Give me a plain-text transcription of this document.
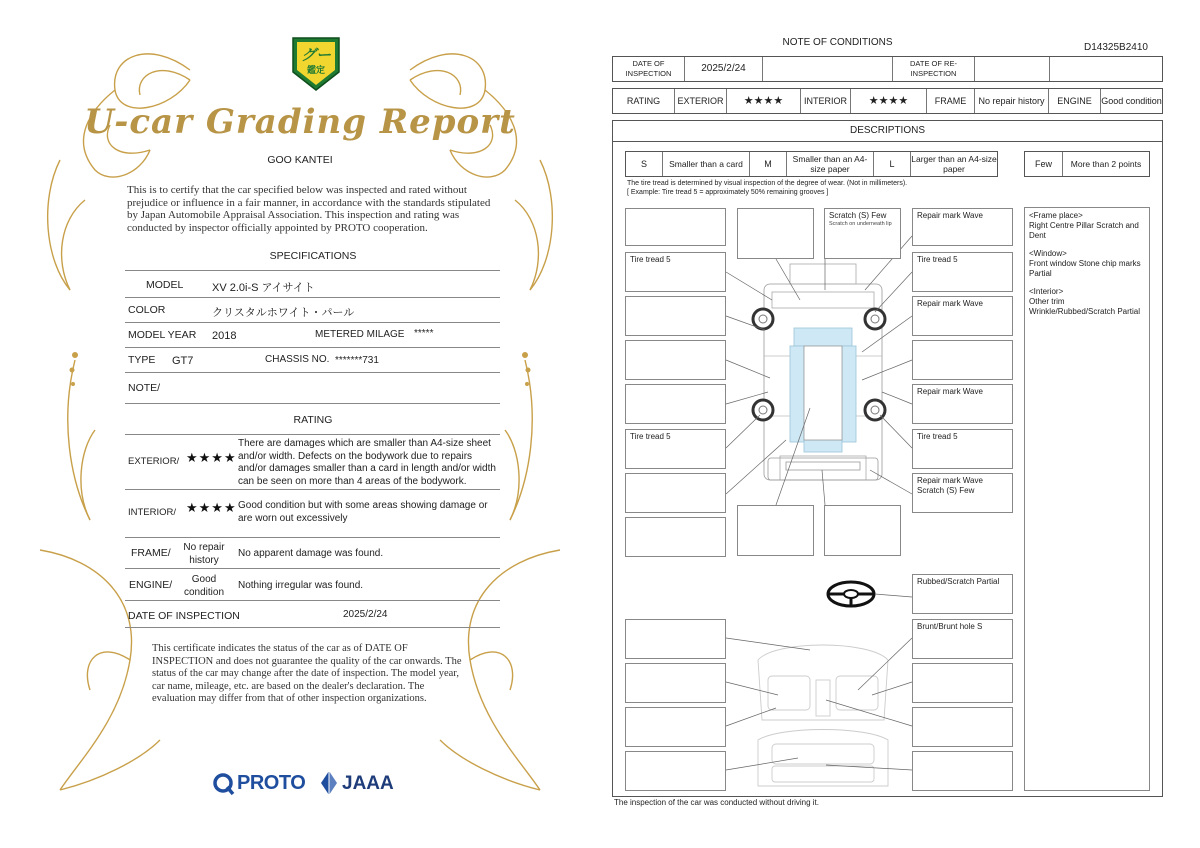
グー
鑑定
U-car Grading Report
GOO KANTEI
This is to certify that the car specified below was inspected and rated without prejudice or influence in a fair manner, in accordance with the standards stipulated by Japan Automobile Appraisal Association. This inspection and rating was conducted by inspector officially appointed by PROTO cooperation.
SPECIFICATIONS
MODEL	XV 2.0i-S アイサイト
COLOR	クリスタルホワイト・パール
MODEL YEAR 2018	METERED MILAGE *****
TYPE GT7	CHASSIS NO. *******731
NOTE/
RATING
EXTERIOR/ ★★★★
There are damages which are smaller than A4-size sheet and/or width. Defects on the bodywork due to repairs and/or damages smaller than a card in length and/or width can be seen on more than 4 areas of the bodywork.
INTERIOR/ ★★★★ Good condition but with some areas showing damage or are worn out excessively
FRAME/	No repair history
No apparent damage was found.
ENGINE/	Good condition
Nothing irregular was found.
DATE OF INSPECTION	2025/2/24
This certificate indicates the status of the car as of DATE OF INSPECTION and does not guarantee the quality of the car onwards. The status of the car may change after the date of inspection. The model year, car name, mileage, etc. are based on the dealer's declaration. The evaluation may differ from that of other inspection organizations.
PROTO JAAA
NOTE OF CONDITIONS	D14325B2410
DATE OF INSPECTION	2025/2/24	DATE OF RE-INSPECTION
RATING	EXTERIOR	★★★★	INTERIOR	★★★★	FRAME	No repair history	ENGINE	Good condition
DESCRIPTIONS
S	Smaller than a card	M	Smaller than an A4-size paper	L	Larger than an A4-size paper	Few	More than 2 points
The tire tread is determined by visual inspection of the degree of wear. (Not in millimeters).
[ Example: Tire tread 5 = approximately 50% remaining grooves ]
Tire tread 5
Tire tread 5
Scratch (S) Few
Scratch on underneath lip
Repair mark Wave
Tire tread 5
Repair mark Wave
Repair mark Wave
Tire tread 5
Repair mark Wave
Scratch (S) Few
Rubbed/Scratch Partial
Brunt/Brunt hole S
<Frame place>
Right Centre Pillar Scratch and Dent
<Window>
Front window Stone chip marks Partial
<Interior>
Other trim Wrinkle/Rubbed/Scratch Partial
The inspection of the car was conducted without driving it.
